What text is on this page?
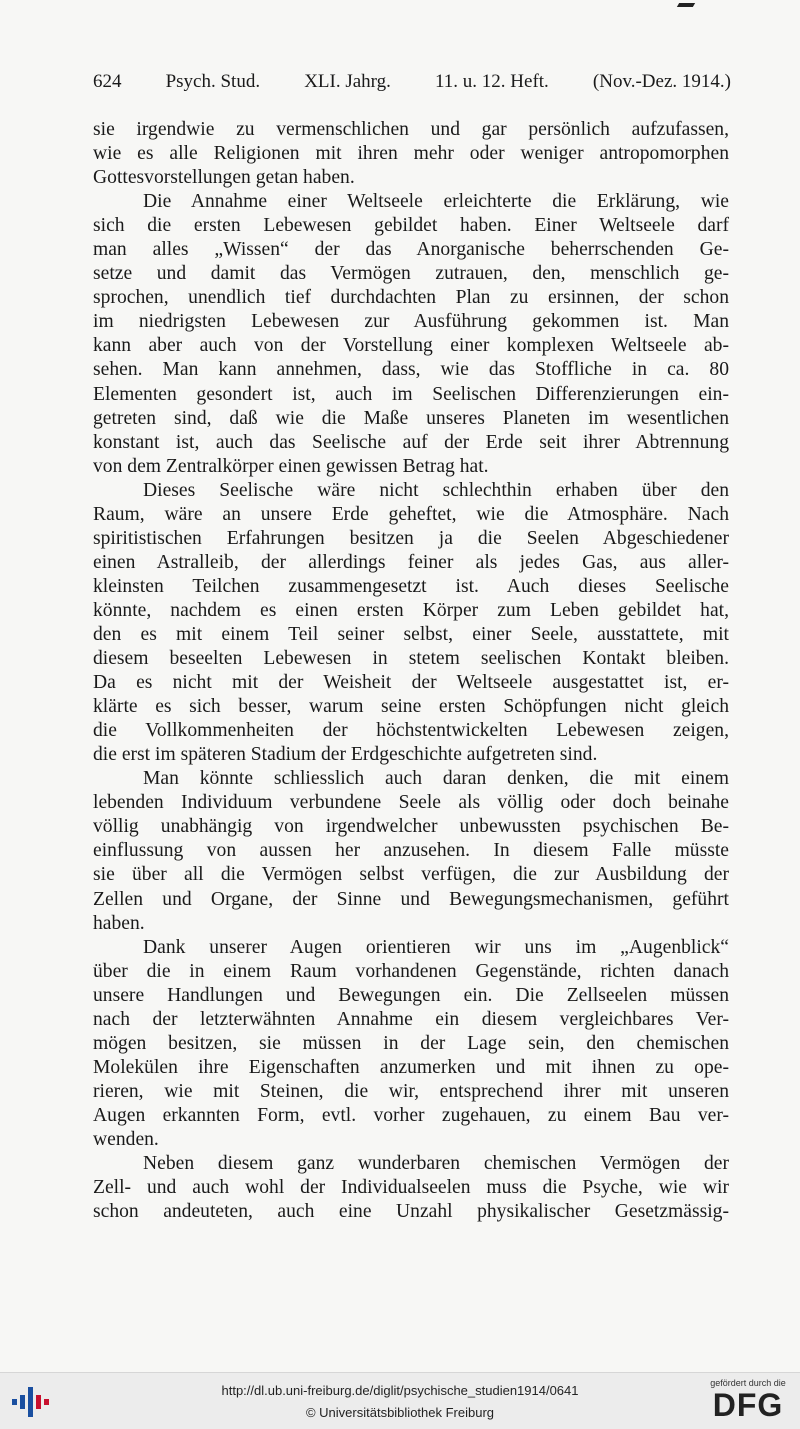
624 Psych. Stud. XLI. Jahrg. 11. u. 12. Heft. (Nov.-Dez. 1914.)
sie irgendwie zu vermenschlichen und gar persönlich aufzufassen,
wie es alle Religionen mit ihren mehr oder weniger antropomorphen
Gottesvorstellungen getan haben.
Die Annahme einer Weltseele erleichterte die Erklärung, wie
sich die ersten Lebewesen gebildet haben. Einer Weltseele darf
man alles „Wissen“ der das Anorganische beherrschenden Ge-
setze und damit das Vermögen zutrauen, den, menschlich ge-
sprochen, unendlich tief durchdachten Plan zu ersinnen, der schon
im niedrigsten Lebewesen zur Ausführung gekommen ist. Man
kann aber auch von der Vorstellung einer komplexen Weltseele ab-
sehen. Man kann annehmen, dass, wie das Stoffliche in ca. 80
Elementen gesondert ist, auch im Seelischen Differenzierungen ein-
getreten sind, daß wie die Maße unseres Planeten im wesentlichen
konstant ist, auch das Seelische auf der Erde seit ihrer Abtrennung
von dem Zentralkörper einen gewissen Betrag hat.
Dieses Seelische wäre nicht schlechthin erhaben über den
Raum, wäre an unsere Erde geheftet, wie die Atmosphäre. Nach
spiritistischen Erfahrungen besitzen ja die Seelen Abgeschiedener
einen Astralleib, der allerdings feiner als jedes Gas, aus aller-
kleinsten Teilchen zusammengesetzt ist. Auch dieses Seelische
könnte, nachdem es einen ersten Körper zum Leben gebildet hat,
den es mit einem Teil seiner selbst, einer Seele, ausstattete, mit
diesem beseelten Lebewesen in stetem seelischen Kontakt bleiben.
Da es nicht mit der Weisheit der Weltseele ausgestattet ist, er-
klärte es sich besser, warum seine ersten Schöpfungen nicht gleich
die Vollkommenheiten der höchstentwickelten Lebewesen zeigen,
die erst im späteren Stadium der Erdgeschichte aufgetreten sind.
Man könnte schliesslich auch daran denken, die mit einem
lebenden Individuum verbundene Seele als völlig oder doch beinahe
völlig unabhängig von irgendwelcher unbewussten psychischen Be-
einflussung von aussen her anzusehen. In diesem Falle müsste
sie über all die Vermögen selbst verfügen, die zur Ausbildung der
Zellen und Organe, der Sinne und Bewegungsmechanismen, geführt
haben.
Dank unserer Augen orientieren wir uns im „Augenblick“
über die in einem Raum vorhandenen Gegenstände, richten danach
unsere Handlungen und Bewegungen ein. Die Zellseelen müssen
nach der letzterwähnten Annahme ein diesem vergleichbares Ver-
mögen besitzen, sie müssen in der Lage sein, den chemischen
Molekülen ihre Eigenschaften anzumerken und mit ihnen zu ope-
rieren, wie mit Steinen, die wir, entsprechend ihrer mit unseren
Augen erkannten Form, evtl. vorher zugehauen, zu einem Bau ver-
wenden.
Neben diesem ganz wunderbaren chemischen Vermögen der
Zell- und auch wohl der Individualseelen muss die Psyche, wie wir
schon andeuteten, auch eine Unzahl physikalischer Gesetzmässig-
http://dl.ub.uni-freiburg.de/diglit/psychische_studien1914/0641
© Universitätsbibliothek Freiburg
gefördert durch die
DFG
